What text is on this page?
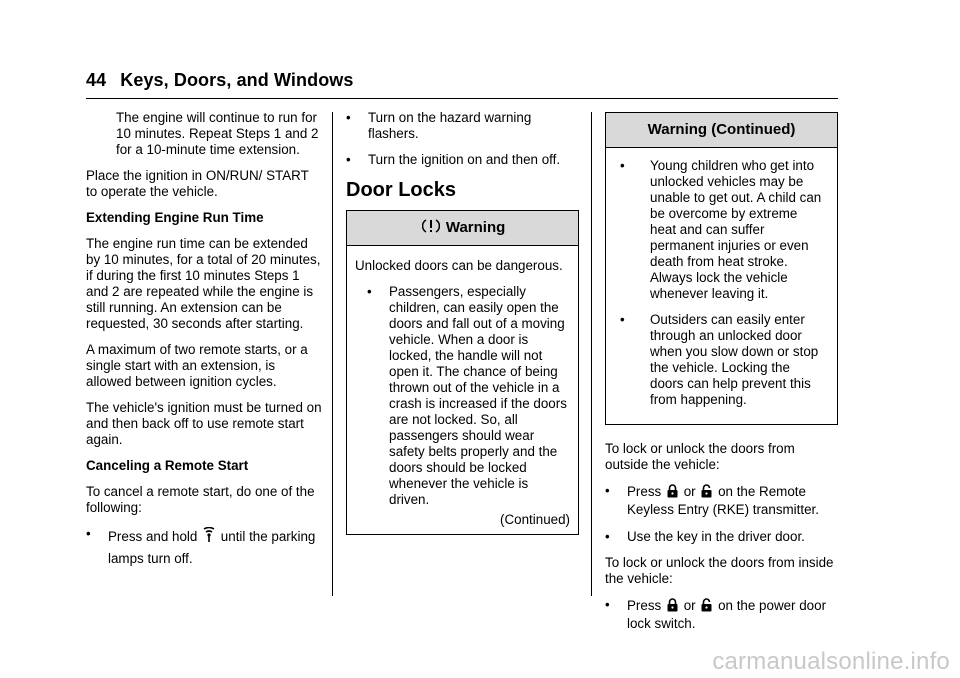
44 Keys, Doors, and Windows

The engine will continue to run for 10 minutes. Repeat Steps 1 and 2 for a 10-minute time extension.

Place the ignition in ON/RUN/ START to operate the vehicle.

Extending Engine Run Time

The engine run time can be extended by 10 minutes, for a total of 20 minutes, if during the first 10 minutes Steps 1 and 2 are repeated while the engine is still running. An extension can be requested, 30 seconds after starting.

A maximum of two remote starts, or a single start with an extension, is allowed between ignition cycles.

The vehicle's ignition must be turned on and then back off to use remote start again.

Canceling a Remote Start

To cancel a remote start, do one of the following:

•	Press and hold until the parking lamps turn off.
•	Turn on the hazard warning flashers.
•	Turn the ignition on and then off.
Door Locks
Warning

Unlocked doors can be dangerous.

•	Passengers, especially children, can easily open the doors and fall out of a moving vehicle. When a door is locked, the handle will not open it. The chance of being thrown out of the vehicle in a crash is increased if the doors are not locked. So, all passengers should wear safety belts properly and the doors should be locked whenever the vehicle is driven.
(Continued)
Warning (Continued)
•	Young children who get into unlocked vehicles may be unable to get out. A child can be overcome by extreme heat and can suffer permanent injuries or even death from heat stroke. Always lock the vehicle whenever leaving it.
•	Outsiders can easily enter through an unlocked door when you slow down or stop the vehicle. Locking the doors can help prevent this from happening.

To lock or unlock the doors from outside the vehicle:

•	Press or on the Remote Keyless Entry (RKE) transmitter.
•	Use the key in the driver door.

To lock or unlock the doors from inside the vehicle:

•	Press or on the power door lock switch.
carmanualsonline.info
